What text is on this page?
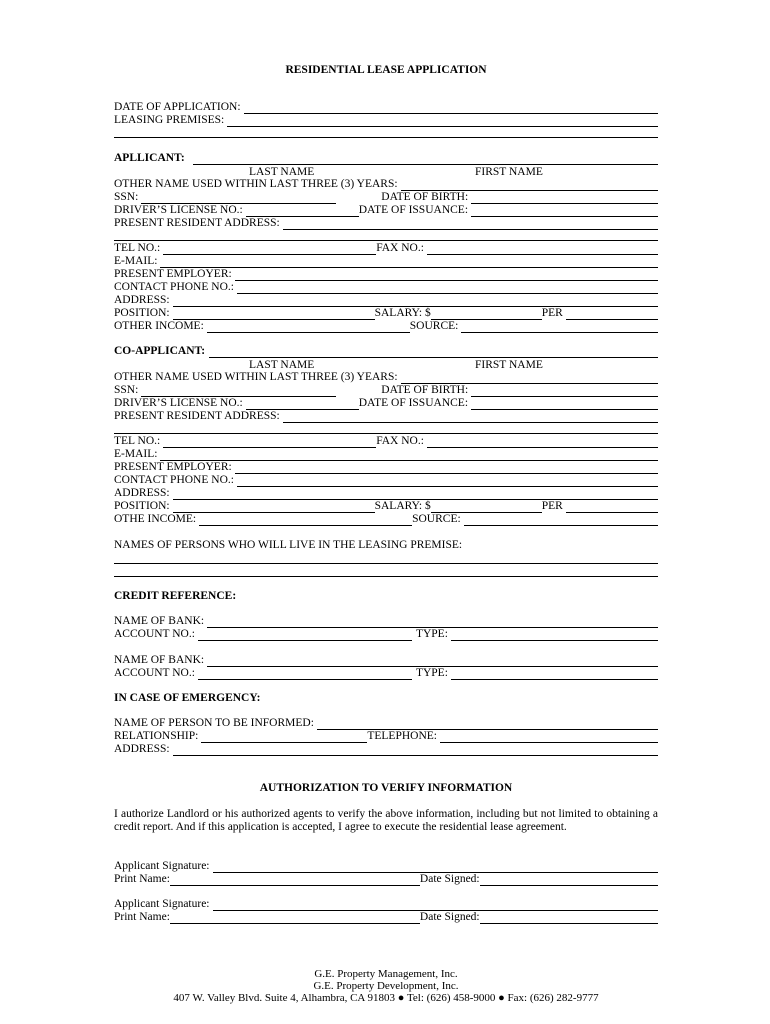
RESIDENTIAL LEASE APPLICATION
DATE OF APPLICATION:
LEASING PREMISES:
APLLICANT:
LAST NAME	FIRST NAME
OTHER NAME USED WITHIN LAST THREE (3) YEARS:
SSN:	DATE OF BIRTH:
DRIVER’S LICENSE NO.:	DATE OF ISSUANCE:
PRESENT RESIDENT ADDRESS:
TEL NO.:	FAX NO.:
E-MAIL:
PRESENT EMPLOYER:
CONTACT PHONE NO.:
ADDRESS:
POSITION:	SALARY: $	PER
OTHER INCOME:	SOURCE:
CO-APPLICANT:
LAST NAME	FIRST NAME
OTHER NAME USED WITHIN LAST THREE (3) YEARS:
SSN:	DATE OF BIRTH:
DRIVER’S LICENSE NO.:	DATE OF ISSUANCE:
PRESENT RESIDENT ADDRESS:
TEL NO.:	FAX NO.:
E-MAIL:
PRESENT EMPLOYER:
CONTACT PHONE NO.:
ADDRESS:
POSITION:	SALARY: $	PER
OTHE INCOME:	SOURCE:
NAMES OF PERSONS WHO WILL LIVE IN THE LEASING PREMISE:
CREDIT REFERENCE:
NAME OF BANK:
ACCOUNT NO.:	TYPE:
NAME OF BANK:
ACCOUNT NO.:	TYPE:
IN CASE OF EMERGENCY:
NAME OF PERSON TO BE INFORMED:
RELATIONSHIP:	TELEPHONE:
ADDRESS:
AUTHORIZATION TO VERIFY INFORMATION
I authorize Landlord or his authorized agents to verify the above information, including but not limited to obtaining a credit report. And if this application is accepted, I agree to execute the residential lease agreement.
Applicant Signature:
Print Name:	Date Signed:
Applicant Signature:
Print Name:	Date Signed:
G.E. Property Management, Inc.
G.E. Property Development, Inc.
407 W. Valley Blvd. Suite 4, Alhambra, CA 91803 ● Tel: (626) 458-9000 ● Fax: (626) 282-9777
